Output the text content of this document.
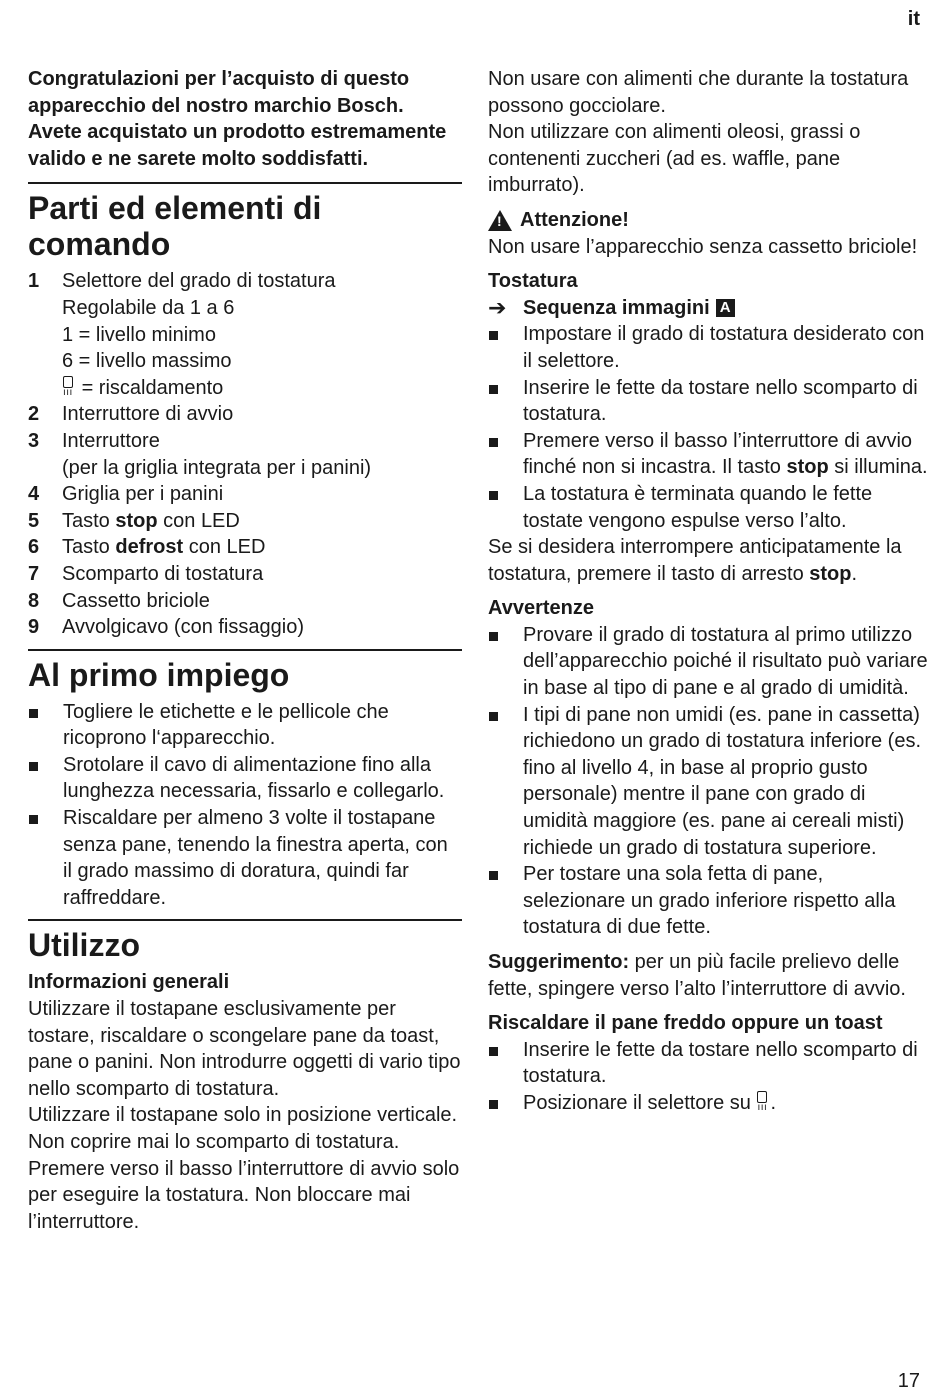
it

Congratulazioni per l’acquisto di questo apparecchio del nostro marchio Bosch. Avete acquistato un prodotto estremamente valido e ne sarete molto soddisfatti.

Parti ed elementi di comando
1	Selettore del grado di tostatura
Regolabile da 1 a 6
1 = livello minimo
6 = livello massimo
ııı = riscaldamento
2	Interruttore di avvio
3	Interruttore
(per la griglia integrata per i panini)
4	Griglia per i panini
5	Tasto stop con LED
6	Tasto defrost con LED
7	Scomparto di tostatura
8	Cassetto briciole
9	Avvolgicavo (con fissaggio)
Al primo impiego
Togliere le etichette e le pellicole che ricoprono l‘apparecchio.
Srotolare il cavo di alimentazione fino alla lunghezza necessaria, fissarlo e collegarlo.
Riscaldare per almeno 3 volte il tostapane senza pane, tenendo la finestra aperta, con il grado massimo di doratura, quindi far raffreddare.
Utilizzo
Informazioni generali

Utilizzare il tostapane esclusivamente per tostare, riscaldare o scongelare pane da toast, pane o panini. Non introdurre oggetti di vario tipo nello scomparto di tostatura.

Utilizzare il tostapane solo in posizione verticale.

Non coprire mai lo scomparto di tostatura.

Premere verso il basso l’interruttore di avvio solo per eseguire la tostatura. Non bloccare mai l’interruttore.

Non usare con alimenti che durante la tostatura possono gocciolare.

Non utilizzare con alimenti oleosi, grassi o contenenti zuccheri (ad es. waffle, pane imburrato).

!
Attenzione!

Non usare l’apparecchio senza cassetto briciole!

Tostatura
➔ Sequenza immagini A
Impostare il grado di tostatura desiderato con il selettore.
Inserire le fette da tostare nello scomparto di tostatura.
Premere verso il basso l’interruttore di avvio finché non si incastra. Il tasto stop si illumina.
La tostatura è terminata quando le fette tostate vengono espulse verso l’alto.

Se si desidera interrompere anticipatamente la tostatura, premere il tasto di arresto stop.

Avvertenze
Provare il grado di tostatura al primo utilizzo dell’apparecchio poiché il risultato può variare in base al tipo di pane e al grado di umidità.
I tipi di pane non umidi (es. pane in cassetta) richiedono un grado di tostatura inferiore (es. fino al livello 4, in base al proprio gusto personale) mentre il pane con grado di umidità maggiore (es. pane ai cereali misti) richiede un grado di tostatura superiore.
Per tostare una sola fetta di pane, selezionare un grado inferiore rispetto alla tostatura di due fette.

Suggerimento: per un più facile prelievo delle fette, spingere verso l’alto l’interruttore di avvio.

Riscaldare il pane freddo oppure un toast
Inserire le fette da tostare nello scomparto di tostatura.
Posizionare il selettore su ııı.
17
